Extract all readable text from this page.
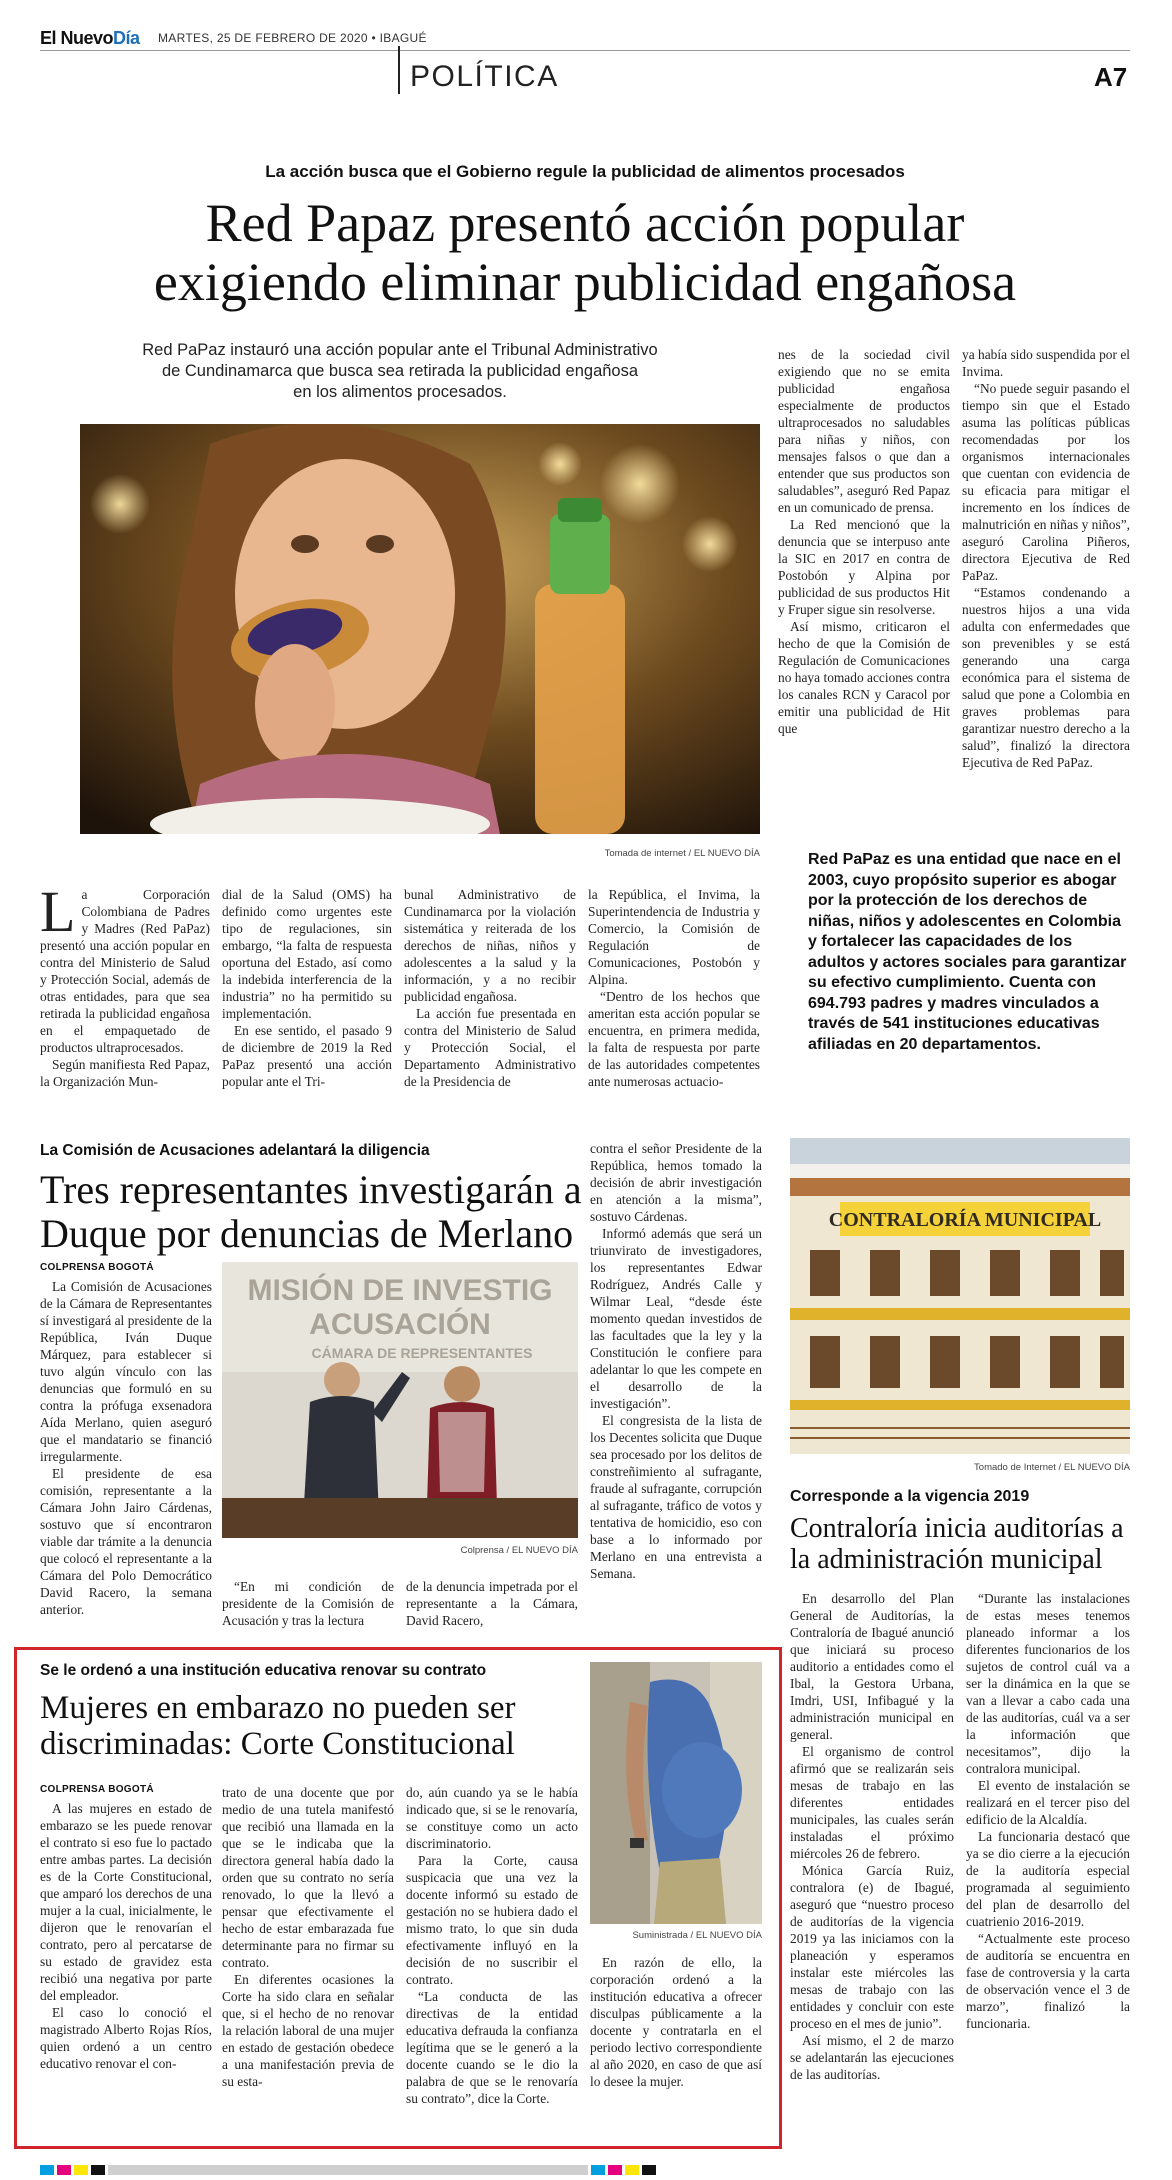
El NuevoDía MARTES, 25 DE FEBRERO DE 2020 • IBAGUÉ
POLÍTICA	A7
La acción busca que el Gobierno regule la publicidad de alimentos procesados
Red Papaz presentó acción popular
exigiendo eliminar publicidad engañosa
Red PaPaz instauró una acción popular ante el Tribunal Administrativo
de Cundinamarca que busca sea retirada la publicidad engañosa
en los alimentos procesados.
Tomada de internet / EL NUEVO DÍA

nes de la sociedad civil exigiendo que no se emita publicidad engañosa especialmente de productos ultraprocesados no saludables para niñas y niños, con mensajes falsos o que dan a entender que sus productos son saludables”, aseguró Red Papaz en un comunicado de prensa.

La Red mencionó que la denuncia que se interpuso ante la SIC en 2017 en contra de Postobón y Alpina por publicidad de sus productos Hit y Fruper sigue sin resolverse.

Así mismo, criticaron el hecho de que la Comisión de Regulación de Comunicaciones no haya tomado acciones contra los canales RCN y Caracol por emitir una publicidad de Hit que

ya había sido suspendida por el Invima.

“No puede seguir pasando el tiempo sin que el Estado asuma las políticas públicas recomendadas por los organismos internacionales que cuentan con evidencia de su eficacia para mitigar el incremento en los índices de malnutrición en niñas y niños”, aseguró Carolina Piñeros, directora Ejecutiva de Red PaPaz.

“Estamos condenando a nuestros hijos a una vida adulta con enfermedades que son prevenibles y se está generando una carga económica para el sistema de salud que pone a Colombia en graves problemas para garantizar nuestro derecho a la salud”, finalizó la directora Ejecutiva de Red PaPaz.

L a Corporación Colombiana de Padres y Madres (Red PaPaz) presentó una acción popular en contra del Ministerio de Salud y Protección Social, además de otras entidades, para que sea retirada la publicidad engañosa en el empaquetado de productos ultraprocesados.

Según manifiesta Red Papaz, la Organización Mun-

dial de la Salud (OMS) ha definido como urgentes este tipo de regulaciones, sin embargo, “la falta de respuesta oportuna del Estado, así como la indebida interferencia de la industria” no ha permitido su implementación.

En ese sentido, el pasado 9 de diciembre de 2019 la Red PaPaz presentó una acción popular ante el Tri-

bunal Administrativo de Cundinamarca por la violación sistemática y reiterada de los derechos de niñas, niños y adolescentes a la salud y la información, y a no recibir publicidad engañosa.

La acción fue presentada en contra del Ministerio de Salud y Protección Social, el Departamento Administrativo de la Presidencia de

la República, el Invima, la Superintendencia de Industria y Comercio, la Comisión de Regulación de Comunicaciones, Postobón y Alpina.

“Dentro de los hechos que ameritan esta acción popular se encuentra, en primera medida, la falta de respuesta por parte de las autoridades competentes ante numerosas actuacio-

Red PaPaz es una entidad que nace en el 2003, cuyo propósito superior es abogar por la protección de los derechos de niñas, niños y adolescentes en Colombia y fortalecer las capacidades de los adultos y actores sociales para garantizar su efectivo cumplimiento. Cuenta con 694.793 padres y madres vinculados a través de 541 instituciones educativas afiliadas en 20 departamentos.
La Comisión de Acusaciones adelantará la diligencia
Tres representantes investigarán a
Duque por denuncias de Merlano
COLPRENSA BOGOTÁ

La Comisión de Acusaciones de la Cámara de Representantes sí investigará al presidente de la República, Iván Duque Márquez, para establecer si tuvo algún vínculo con las denuncias que formuló en su contra la prófuga exsenadora Aída Merlano, quien aseguró que el mandatario se financió irregularmente.

El presidente de esa comisión, representante a la Cámara John Jairo Cárdenas, sostuvo que sí encontraron viable dar trámite a la denuncia que colocó el representante a la Cámara del Polo Democrático David Racero, la semana anterior.

MISIÓN DE INVESTIG
ACUSACIÓN
CÁMARA DE REPRESENTANTES
Colprensa / EL NUEVO DÍA

“En mi condición de presidente de la Comisión de Acusación y tras la lectura

de la denuncia impetrada por el representante a la Cámara, David Racero,

contra el señor Presidente de la República, hemos tomado la decisión de abrir investigación en atención a la misma”, sostuvo Cárdenas.

Informó además que será un triunvirato de investigadores, los representantes Edwar Rodríguez, Andrés Calle y Wilmar Leal, “desde éste momento quedan investidos de las facultades que la ley y la Constitución le confiere para adelantar lo que les compete en el desarrollo de la investigación”.

El congresista de la lista de los Decentes solicita que Duque sea procesado por los delitos de constreñimiento al sufragante, fraude al sufragante, corrupción al sufragante, tráfico de votos y tentativa de homicidio, eso con base a lo informado por Merlano en una entrevista a Semana.

CONTRALORÍA MUNICIPAL
Tomado de Internet / EL NUEVO DÍA
Corresponde a la vigencia 2019
Contraloría inicia auditorías a
la administración municipal

En desarrollo del Plan General de Auditorías, la Contraloría de Ibagué anunció que iniciará su proceso auditorio a entidades como el Ibal, la Gestora Urbana, Imdri, USI, Infibagué y la administración municipal en general.

El organismo de control afirmó que se realizarán seis mesas de trabajo en las diferentes entidades municipales, las cuales serán instaladas el próximo miércoles 26 de febrero.

Mónica García Ruiz, contralora (e) de Ibagué, aseguró que “nuestro proceso de auditorías de la vigencia 2019 ya las iniciamos con la planeación y esperamos instalar este miércoles las mesas de trabajo con las entidades y concluir con este proceso en el mes de junio”.

Así mismo, el 2 de marzo se adelantarán las ejecuciones de las auditorías.

“Durante las instalaciones de estas meses tenemos planeado informar a los diferentes funcionarios de los sujetos de control cuál va a ser la dinámica en la que se van a llevar a cabo cada una de las auditorías, cuál va a ser la información que necesitamos”, dijo la contralora municipal.

El evento de instalación se realizará en el tercer piso del edificio de la Alcaldía.

La funcionaria destacó que ya se dio cierre a la ejecución de la auditoría especial programada al seguimiento del plan de desarrollo del cuatrienio 2016-2019.

“Actualmente este proceso de auditoría se encuentra en fase de controversia y la carta de observación vence el 3 de marzo”, finalizó la funcionaria.

Se le ordenó a una institución educativa renovar su contrato
Mujeres en embarazo no pueden ser
discriminadas: Corte Constitucional
COLPRENSA BOGOTÁ

A las mujeres en estado de embarazo se les puede renovar el contrato si eso fue lo pactado entre ambas partes. La decisión es de la Corte Constitucional, que amparó los derechos de una mujer a la cual, inicialmente, le dijeron que le renovarían el contrato, pero al percatarse de su estado de gravidez esta recibió una negativa por parte del empleador.

El caso lo conoció el magistrado Alberto Rojas Ríos, quien ordenó a un centro educativo renovar el con-

trato de una docente que por medio de una tutela manifestó que recibió una llamada en la que se le indicaba que la directora general había dado la orden que su contrato no sería renovado, lo que la llevó a pensar que efectivamente el hecho de estar embarazada fue determinante para no firmar su contrato.

En diferentes ocasiones la Corte ha sido clara en señalar que, si el hecho de no renovar la relación laboral de una mujer en estado de gestación obedece a una manifestación previa de su esta-

do, aún cuando ya se le había indicado que, si se le renovaría, se constituye como un acto discriminatorio.

Para la Corte, causa suspicacia que una vez la docente informó su estado de gestación no se hubiera dado el mismo trato, lo que sin duda efectivamente influyó en la decisión de no suscribir el contrato.

“La conducta de las directivas de la entidad educativa defrauda la confianza legítima que se le generó a la docente cuando se le dio la palabra de que se le renovaría su contrato”, dice la Corte.

Suministrada / EL NUEVO DÍA

En razón de ello, la corporación ordenó a la institución educativa a ofrecer disculpas públicamente a la docente y contratarla en el periodo lectivo correspondiente al año 2020, en caso de que así lo desee la mujer.
